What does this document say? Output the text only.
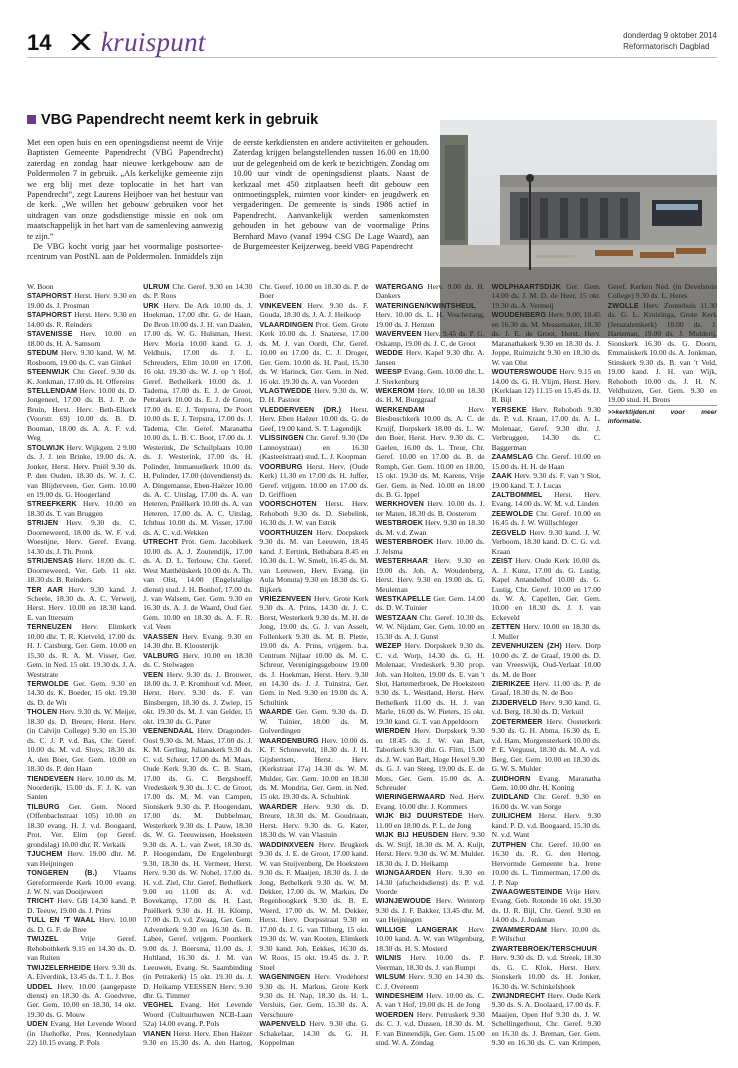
14 kruispunt	donderdag 9 oktober 2014
Reformatorisch Dagblad
VBG Papendrecht neemt kerk in gebruik

Met een open huis en een openingsdienst neemt de Vrije Baptisten Gemeente Papendrecht (VBG Papendrecht) zaterdag en zondag haar nieuwe kerkgebouw aan de Poldermolen 7 in gebruik. „Als kerkelijke gemeente zijn we erg blij met deze toplocatie in het hart van Papendrecht”, zegt Laurens Heijboer van het bestuur van de kerk. „We willen het gebouw gebruiken voor het uitdragen van onze godsdienstige missie en ook om maatschappelijk in het hart van de samenleving aanwezig te zijn.”

De VBG kocht vorig jaar het voormalige postsorteercentrum van PostNL aan de Poldermolen. Inmiddels zijn de eerste kerkdiensten en andere activiteiten er gehouden. Zaterdag krijgen belangstellenden tussen 16.00 en 18.00 uur de gelegenheid om de kerk te bezichtigen. Zondag om 10.00 uur vindt de openingsdienst plaats. Naast de kerkzaal met 450 zitplaatsen heeft dit gebouw een ontmoetingsplek, ruimten voor kinder- en jeugdwerk en vergaderingen. De gemeente is sinds 1986 actief in Papendrecht. Aanvankelijk werden samenkomsten gehouden in het gebouw van de voormalige Prins Bernhard Mavo (vanaf 1994 CSG De Lage Waard), aan de Burgemeester Keijzerweg. beeld VBG Papendrecht

W. Boon

STAPHORST Herst. Herv. 9.30 en 19.00 ds. J. Prosman

STAPHORST Herst. Herv. 9.30 en 14.00 ds. R. Reinders

STAVENISSE Herv. 10.00 en 18.00 ds. H. A. Samsom

STEDUM Herv. 9.30 kand. W. M. Rosboom, 19.00 ds. C. van Ginkel

STEENWIJK Chr. Geref. 9.30 ds. K. Jonkman, 17.00 ds. H. Offereins

STELLENDAM Herv. 10.00 ds. D. Jongeneel, 17.00 ds. B. J. P. de Bruin, Herst. Herv. Beth-Elkerk (Voorstr. 69) 10.00 ds. B. D. Bouman, 18.00 ds. A. A. F. v.d. Weg

STOLWIJK Herv. Wijkgem. 2 9.00 ds. J. J. ten Brinke, 19.00 ds. A. Jonker, Herst. Herv. Pniël 9.30 ds. P. den Ouden, 18.30 ds. W. J. C. van Blijderveen, Ger. Gem. 10.00 en 19.00 ds. G. Hoogerland

STREEFKERK Herv. 10.00 en 18.30 ds. T. van Bruggen

STRIJEN Herv. 9.30 ds. C. Doorneweerd, 18.00 ds. W. F. v.d. Woestijne, Herv. Geref. Evang. 14.30 ds. J. Th. Pronk

STRIJENSAS Herv. 18.00 ds. C. Doorneweerd, Ver. Geb. 11 okt. 18.30 ds. B. Reinders

TER AAR Herv. 9.30 kand. J. Scheele, 18.30 ds. A. C. Verweij, Herst. Herv. 10.00 en 18.30 kand. E. van Ittersum

TERNEUZEN Herv. Elimkerk 10.00 dhr. T. R. Kietveld, 17.00 ds. H. J. Catsburg, Ger. Gem. 10.00 en 15.30 ds. R. A. M. Visser, Ger. Gem. in Ned. 15 okt. 19.30 ds. J. A. Weststrate

TERWOLDE Ger. Gem. 9.30 en 14.30 ds. K. Boeder, 15 okt. 19.30 ds. D. de Wit

THOLEN Herv. 9.30 ds. W. Meijer, 18.30 ds. D. Breure, Herst. Herv. (in Calvijn College) 9.30 en 15.30 ds. C. J. P. v.d. Bas, Chr. Geref. 10.00 ds. M. v.d. Sluys, 18.30 ds. A. den Boer, Ger. Gem. 10.00 en 18.30 ds. P. den Haan

TIENDEVEEN Herv. 10.00 ds. M. Noorderijk, 15.00 ds. F. J. K. van Santen

TILBURG Ger. Gem. Noord (Offenbachstraat 105) 10.00 en 18.30 evang. H. J. v.d. Boogaard, Prot. Ver. Elim (op Geref. grondslag) 10.00 dhr. R. Verkaik

TJUCHEM Herv. 19.00 dhr. M. van Heijningen

TONGEREN (B.) Vlaams Gereformeerde Kerk 10.00 evang. J. W. N. van Dooijeweert

TRICHT Herv. GB 14.30 kand. P. D. Teeuw, 19.00 ds. J. Prins

TULL EN 'T WAAL Herv. 10.00 ds. D. G. F. de Bree

TWIJZEL	Vrije Geref. Rehobothkerk 9.15 en 14.30 ds. D. van Ruiten

TWIJZELERHEIDE Herv. 9.30 ds. A. Elverdink, 13.45 ds. T. L. J. Bos

UDDEL Herv. 10.00 (aangepaste dienst) en 18.30 ds. A. Goedvree, Ger. Gem. 10.00 en 18.30, 14 okt. 19.30 ds. G. Mouw

UDEN Evang. Het Levende Woord (in IJsehofke, Pres. Kennedylaan 22) 10.15 evang. P. Pols

ULRUM Chr. Geref. 9.30 en 14.30 ds. P. Roos

URK Herv. De Ark 10.00 ds. J. Hoekman, 17.00 dhr. G. de Haan, De Bron 10.00 ds. J. H. van Daalen, 17.00 ds. W. G. Hulsman, Herst. Herv. Moria 10.00 kand. G. J. Veldhuis, 17.00 ds. J. L. Schreuders, Elim 10.00 en 17.00, 16 okt. 19.30 ds. W. J. op 't Hof, Geref. Bethelkerk 10.00 ds. J. Tadema, 17.00 ds. E. J. de Groot, Petrakerk 10.00 ds. E. J. de Groot, 17.00 ds. E. J. Terpstra, De Poort 10.00 ds. E. J. Terpstra, 17.00 ds. J. Tadema, Chr. Geref. Maranatha 10.00 ds. L. B. C. Boot, 17.00 ds. J. Westerink, De Schuilplaats 10.00 ds. J. Westerink, 17.00 ds. H. Polinder, Immanuelkerk 10.00 ds. H. Polinder, 17.00 (dovendienst) ds. A. Dingemanse, Eben-Haëzer 10.00 ds. A. C. Uitslag, 17.00 ds. A. van Heteren, Pniëlkerk 10.00 ds. A. van Heteren, 17.00 ds. A. C. Uitslag, Ichthus 10.00 ds. M. Visser, 17.00 ds. A. C. v.d. Wekken

UTRECHT Prot. Gem. Jacobikerk 10.00 ds. A. J. Zoutendijk, 17.00 ds. A. D. L. Terlouw, Chr. Geref. West Matthéüskerk 10.00 ds. A. Th. van Olst, 14.00 (Engelstalige dienst) stud. J. H. Bonhof, 17.00 ds. J. van Walsem, Ger. Gem. 9.30 en 16.30 ds. A. J. de Waard, Oud Ger. Gem. 10.00 en 18.30 ds. A. F. R. v.d. Veen

VAASSEN Herv. Evang. 9.30 en 14.30 dhr. B. Kloosterijk

VALBURG Herv. 10.00 en 18.30 ds. C. Stelwagen

VEEN Herv. 9.30 ds. J. Brouwer, 18.00 ds. J. P. Kromhout v.d. Meer, Herst. Herv. 9.30 ds. F. van Binsbergen, 18.30 ds. J. Zwiep, 15 okt. 19.30 ds. M. J. van Gelder, 15 okt. 19.30 ds. G. Pater

VEENENDAAL Herv. Dragonder-Oost 9.30 ds. M. Maas, 17.00 ds. J. K. M. Gerling, Julianakerk 9.30 ds. C. v.d. Scheur, 17.00 ds. M. Maas, Oude Kerk 9.30 ds. C. B. Stam, 17.00 ds. G. C. Bergshoeff, Vredeskerk 9.30 ds. J. C. de Groot, 17.00 ds. M. M. van Campen, Sionskerk 9.30 ds. P. Hoogendam, 17.00 ds. M. Dubbelman, Westerkerk 9.30 ds. I. Pauw, 18.30 ds. W. G. Teeuwissen, Hoeksteen 9.30 ds. A. L. van Zwet, 18.30 ds. P. Hoogendam, De Engelenburgt 9.30, 18.30 ds. H. Vermeer, Herst. Herv. 9.30 ds. W. Nobel, 17.00 ds. H. v.d. Ziel, Chr. Geref. Bethelkerk 9.00 en 11.00 ds. A. v.d. Bovekamp, 17.00 ds. H. Last, Pniëlkerk 9.30 ds. H. H. Klomp, 17.00 ds. D. v.d. Zwaag, Ger. Gem. Adventkerk 9.30 en 16.30 ds. B. Labee, Geref. vrijgem. Poortkerk 9.00 ds. J. Boersma, 11.00 ds. J. Holtland, 16.30 ds. J. M. van Leeuwen, Evang. St. Saambinding (in Petrakerk) 15 okt. 19.30 ds. J. D. Heikamp VEESSEN Herv. 9.30 dhr. G. Timmer

VEGHEL Evang. Het Levende Woord (Cultuurhuwen NCB-Laan 52a) 14.00 evang. P. Pols

VIANEN Herst. Herv. Eben Haëzer 9.30 en 15.30 ds. A. den Hartog, Chr. Geref. 10.00 en 18.30 ds. P. de Boer

VINKEVEEN Herv. 9.30 ds. F. Gouda, 18.30 ds. J. A. J. Heikoop

VLAARDINGEN Prot. Gem. Grote Kerk 10.00 ds. J. Snaterse, 17.00 ds. M. J. van Oordt, Chr. Geref. 10.00 en 17.00 ds. C. J. Droger, Ger. Gem. 10.00 ds. H. Paul, 15.30 ds. W. Harinck, Ger. Gem. in Ned. 16 okt. 19.30 ds. A. van Voorden

VLAGTWEDDE Herv. 9.30 ds. W. D. H. Pastoor

VLEDDERVEEN (DR.) Herst. Herv. Eben Haëzer 10.00 ds. G. de Geef, 19.00 kand. S. T. Lagendijk

VLISSINGEN Chr. Geref. 9.30 (De Lannoystraat) en 16.30 (Kasteelstraat) stud. L. J. Koopman

VOORBURG Herst. Herv. (Oude Kerk) 11.30 en 17.00 ds. H. Juffer, Geref. vrijgem. 10.00 en 17.00 ds. D. Griffioen

VOORSCHOTEN Herst. Herv. Rehoboth 9.30 ds. D. Siebelink, 16.30 ds. J. W. van Estrik

VOORTHUIZEN Herv. Dorpskerk 9.30 ds. M. van Leeuwen, 18.45 kand. J. Eertink, Bethabara 8.45 en 10.30 ds. L. W. Smelt, 16.45 ds. M. van Leeuwen, Herv. Evang. (in Aula Monuta) 9.30 en 18.30 ds. G. Bijkerk

VRIEZENVEEN Herv. Grote Kerk 9.30 ds. A. Prins, 14.30 dr. J. C. Borst, Westerkerk 9.30 ds. M. H. de Jong, 19.00 ds. G. J. van Asselt, Follenkerk 9.30 ds. M. B. Plette, 19.00 ds. A. Prins, vrijgem. b.a. Centrum Nijlaar 10.00 ds. M. C. Schreur, Verenigingsgebouw 19.00 ds. J. Hoekman, Herst. Herv. 9.30 en 14.30 ds. J. J. Tuinstra, Ger. Gem. in Ned. 9.30 en 19.00 ds. A. Schultink

WAARDE Ger. Gem. 9.30 ds. D. W. Tuinier, 18.00 ds. M. Golverdingen

WAARDENBURG Herv. 10.00 ds. K. F. Schoneveld, 18.30 ds. J. H. Gijsbertsen, Herst. Herv. (Kerkstraat 17a) 14.30 ds. W. M. Mulder, Ger. Gem. 10.00 en 18.30 ds. M. Mondria, Ger. Gem. in Ned. 15 okt. 19.30 ds. A. Schultink

WAARDER Herv. 9.30 ds. D. Breure, 18.30 ds. M. Goudriaan, Herst. Herv. 9.30 ds. G. Kater, 18.30 ds. W. van Vlastuin

WADDINXVEEN Herv. Brugkerk 9.30 ds. J. E. de Groot, 17.00 kand. W. van Stuijvenberg, De Hoeksteen 9.30 ds. F. Maaijen, 18.30 ds. J. de Jong, Bethelkerk 9.30 ds. W. M. Dekker, 17.00 ds. W. Markus, De Regenboogkerk 9.30 ds. B. E. Weerd, 17.00 ds. W. M. Dekker, Herst. Herv. Dorpsstraat 9.30 en 17.00 ds. J. G. van Tilburg, 15 okt. 19.30 ds. W. van Kooten, Elimkerk 9.30 kand. Joh. Eekkes, 16.30 ds. W. Roos, 15 okt. 19.45 ds. J. P. Stoel

WAGENINGEN Herv. Vredehorst 9.30 ds. H. Markus, Grote Kerk 9.30 ds. H. Nap, 18.30 ds. H. L. Versluis, Ger. Gem. 15.30 ds. A. Verschuure

WAPENVELD Herv. 9.30 dhr. G. Schakelaar, 14.30 ds. G. H. Koppelman

WATERGANG Herv. 9.00 ds. H. Dankers

WATERINGEN/KWINTSHEUL Herv. 10.00 ds. L. H. Voschezang, 19.00 ds. J. Henzen

WAVERVEEN Herv. 9.45 ds. P. G. Oskamp, 19.00 ds. J. C. de Groot

WEDDE Herv. Kapel 9.30 dhr. A. Jansen

WEESP Evang. Gem. 10.00 dhr. L. J. Sterkenburg

WEKEROM Herv. 10.00 en 18.30 ds. H. M. Burggraaf

WERKENDAM	Herv. Biesboschkerk 10.00 ds. A. C. de Kruijf, Dorpskerk 18.00 ds. L. W. den Boer, Herst. Herv. 9.30 ds. C. Gaelen, 16.00 ds. L. Treur, Chr. Geref. 10.00 en 17.00 ds. B. de Romph, Ger. Gem. 10.00 en 18.00, 15 okt. 19.30 ds. M. Karens, Vrije Ger. Gem. in Ned. 10.00 en 18.00 ds. B. G. Ippel

WERKHOVEN Herv. 10.00 ds. J. ter Maten, 18.30 ds. B. Oosterom

WESTBROEK Herv. 9.30 en 18.30 ds. M. v.d. Zwan

WESTERBROEK Herv. 10.00 ds. J. Jelsma

WESTERHAAR Herv. 9.30 en 19.00 ds. Joh. A. Woudenberg, Herst. Herv. 9.30 en 19.00 ds. G. Meuleman

WESTKAPELLE Ger. Gem. 14.00 ds. D. W. Tuinier

WESTZAAN Chr. Geref. 10.30 ds. W. W. Nijdam, Ger. Gem. 10.00 en 15.30 ds. A. J. Gunst

WEZEP Herv. Dorpskerk 9.30 ds. C. v.d. Worp, 14.30 ds. G. H. Molenaar, Vredeskerk 9.30 prop. Joh. van Holten, 19.00 ds. E. van 't Slot, Hattemerbroek, De Hoeksteen 9.30 ds. L. Westland, Herst. Herv. Bethelkerk 11.00 ds. H. J. van Marle, 16.00 ds. W. Pieters, 15 okt. 19.30 kand. G. T. van Appeldoorn

WIERDEN Herv. Dorpskerk 9.30 en 18.45 ds. J. W. van Bart, Taborkerk 9.30 dhr. G. Flim, 15.00 ds. J. W. van Bart, Hoge Hexel 9.30 ds. G. J. van Steeg, 19.00 ds. E. de Mots, Ger. Gem. 15.00 ds. A. Schreuder

WIERINGERWAARD Ned. Herv. Evang. 10.00 dhr. J. Kommers

WIJK BIJ DUURSTEDE Herv. 11.00 en 18.00 ds. P. L. de Jong

WIJK BIJ HEUSDEN Herv. 9.30 ds. W. Stijf, 18.30 ds. M. A. Kuijt, Herst. Herv. 9.30 ds. W. M. Mulder. 18.30 ds. J. D. Heikamp

WIJNGAARDEN Herv. 9.30 en 14.30 (afscheidsdienst) ds. P. v.d. Voorde

WIJNJEWOUDE Herv. Weinterp 9.30 ds. J. F. Bakker, 13.45 dhr. M. van Heijningen

WILLIGE LANGERAK Herv. 10.00 kand. A. W. van Wilgenburg, 18.30 ds. H. S. Mosterd

WILNIS Herv. 10.00 ds. P. Veerman, 18.30 ds. J. van Rumpt

WILSUM Herv. 9.30 en 14.30 ds. C. J. Overeem

WINDESHEIM Herv. 10.00 ds. C. A. van 't Hof, 19.00 ds. H. de Jong

WOERDEN Herv. Petruskerk 9.30 ds. C. J. v.d. Dussen, 18.30 ds. M. F. van Binnendijk, Ger. Gem. 15.00 stud. W. A. Zondag

WOLPHAARTSDIJK Ger. Gem. 14.00 ds. J. M. D. de Heer, 15 okt. 19.30 ds. A. Vermeij

WOUDENBERG Herv. 9.00, 10.45 en 16.30 ds. M. Messemaker, 18.30 ds. J. E. de Groot, Herst. Herv. Maranathakerk 9.30 en 18.30 ds. J. Joppe, Ruimzicht 9.30 en 18.30 ds. W. van Olst

WOUTERSWOUDE Herv. 9.15 en 14.00 ds. G. H. Vlijm, Herst. Herv. (Kerklaan 12) 11.15 en 15.45 ds. IJ. R. Bijl

YERSEKE Herv. Rehoboth 9.30 ds. P. v.d. Kraan, 17.00 ds. A. L. Molenaar, Geref. 9.30 dhr. J. Verbruggen, 14.30 ds. C. Baggerman

ZAAMSLAG Chr. Geref. 10.00 en 15.00 ds. H. H. de Haan

ZAAK Herv. 9.30 ds. F. van 't Slot, 19.00 kand. T. J. Lucas

ZALTBOMMEL Herst. Herv. Evang. 14.00 ds. W. M. v.d. Linden

ZEEWOLDE Chr. Geref. 10.00 en 16.45 ds. J. W. Wüllschleger

ZEGVELD Herv. 9.30 kand. J. W. Verboom, 18.30 kand. D. C. G. v.d. Kraan

ZEIST Herv. Oude Kerk 10.00 ds. A. J. Kunz, 17.00 ds. G. Lustig, Kapel Amandelhof 10.00 ds. G. Lustig, Chr. Geref. 10.00 en 17.00 ds. W. A. Capellen, Ger. Gem. 10.00 en 18.30 ds. J. J. van Eckeveld

ZETTEN Herv. 10.00 en 18.30 ds. J. Muller

ZEVENHUIZEN (ZH) Herv. Dorp 10.00 ds. Z. de Graaf, 19.00 ds. D. van Vreeswijk, Oud-Verlaat 10.00 ds. M. de Boer

ZIERIKZEE Herv. 11.00 ds. P. de Graaf, 18.30 ds. N. de Boo

ZIJDERVELD Herv. 9.30 kand. G. v.d. Berg, 18.30 ds. D. Verkuil

ZOETERMEER Herv. Oosterkerk 9.30 ds. G. H. Abma, 16.30 ds. E. v.d. Ham, Morgensterkerk 10.00 ds. P. E. Verguust, 18.30 ds. M. A. v.d. Berg, Ger. Gem. 10.00 en 18.30 ds. G. W. S. Mulder

ZUIDHORN Evang. Maranatha Gem. 10.00 dhr. H. Koning

ZUIDLAND Chr. Geref. 9.30 en 16.00 ds. W. van Sorge

ZUILICHEM Herst. Herv. 9.30 kand. P. D. v.d. Boogaard, 15.30 ds. N. v.d. Want

ZUTPHEN Chr. Geref. 10.00 en 16.30 ds. R. G. den Hertog, Hervormde Gemeente b.a. Irene 10.00 ds. L. Timmerman, 17.00 ds. J. P. Nap

ZWAAGWESTEINDE Vrije Herv. Evang. Geb. Rotonde 16 okt. 19.30 ds. IJ. R. Bijl, Chr. Geref. 9.30 en 14.00 ds. J. Jonkman

ZWAMMERDAM Herv. 10.00 ds. P. Wilschut

ZWARTEBROEK/TERSCHUUR Herv. 9.30 ds. D. v.d. Streek, 18.30 ds. G. C. Klok, Herst. Herv. Sionskerk 10.00 ds. H. Jonker, 16.30 ds. W. Schinkelshoek

ZWIJNDRECHT Herv. Oude Kerk 9.30 ds. S. A. Doolaard, 17.00 ds. F. Maaijen, Open Hof 9.30 ds. J. W. Schellingerhout, Chr. Geref. 9.30 en 16.30 ds. J. Breman, Ger. Gem. 9.30 en 16.30 ds. C. van Krimpen, Geref. Kerken Ned. (in Develstein College) 9.30 ds. L. Heres

ZWOLLE Herv. Zonnehuis 11.30 ds. G. L. Kruizinga, Grote Kerk (Jeruzalemkerk) 10.00 ds. J. Harteman, 19.00 ds. J. Mulderij, Sionskerk 16.30 ds. G. Doorn, Emmaüskerk 10.00 ds. A. Jonkman, Stinskerk 9.30 ds. B. van 't Veld, 19.00 kand. J. H. van Wijk, Rehoboth 10.00 ds. J. H. N. Veldhuizen, Ger. Gem. 9.30 en 19.00 stud. H. Brons

>>kerktijden.nl voor meer informatie.
